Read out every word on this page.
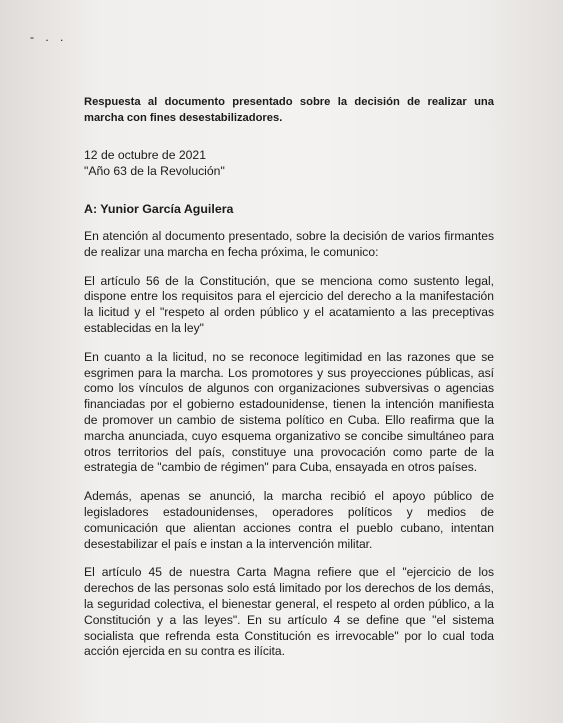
- . .

Respuesta al documento presentado sobre la decisión de realizar una marcha con fines desestabilizadores.

12 de octubre de 2021
"Año 63 de la Revolución"

A: Yunior García Aguilera

En atención al documento presentado, sobre la decisión de varios firmantes de realizar una marcha en fecha próxima, le comunico:

El artículo 56 de la Constitución, que se menciona como sustento legal, dispone entre los requisitos para el ejercicio del derecho a la manifestación la licitud y el "respeto al orden público y el acatamiento a las preceptivas establecidas en la ley"

En cuanto a la licitud, no se reconoce legitimidad en las razones que se esgrimen para la marcha. Los promotores y sus proyecciones públicas, así como los vínculos de algunos con organizaciones subversivas o agencias financiadas por el gobierno estadounidense, tienen la intención manifiesta de promover un cambio de sistema político en Cuba. Ello reafirma que la marcha anunciada, cuyo esquema organizativo se concibe simultáneo para otros territorios del país, constituye una provocación como parte de la estrategia de "cambio de régimen" para Cuba, ensayada en otros países.

Además, apenas se anunció, la marcha recibió el apoyo público de legisladores estadounidenses, operadores políticos y medios de comunicación que alientan acciones contra el pueblo cubano, intentan desestabilizar el país e instan a la intervención militar.

El artículo 45 de nuestra Carta Magna refiere que el "ejercicio de los derechos de las personas solo está limitado por los derechos de los demás, la seguridad colectiva, el bienestar general, el respeto al orden público, a la Constitución y a las leyes". En su artículo 4 se define que "el sistema socialista que refrenda esta Constitución es irrevocable" por lo cual toda acción ejercida en su contra es ilícita.
